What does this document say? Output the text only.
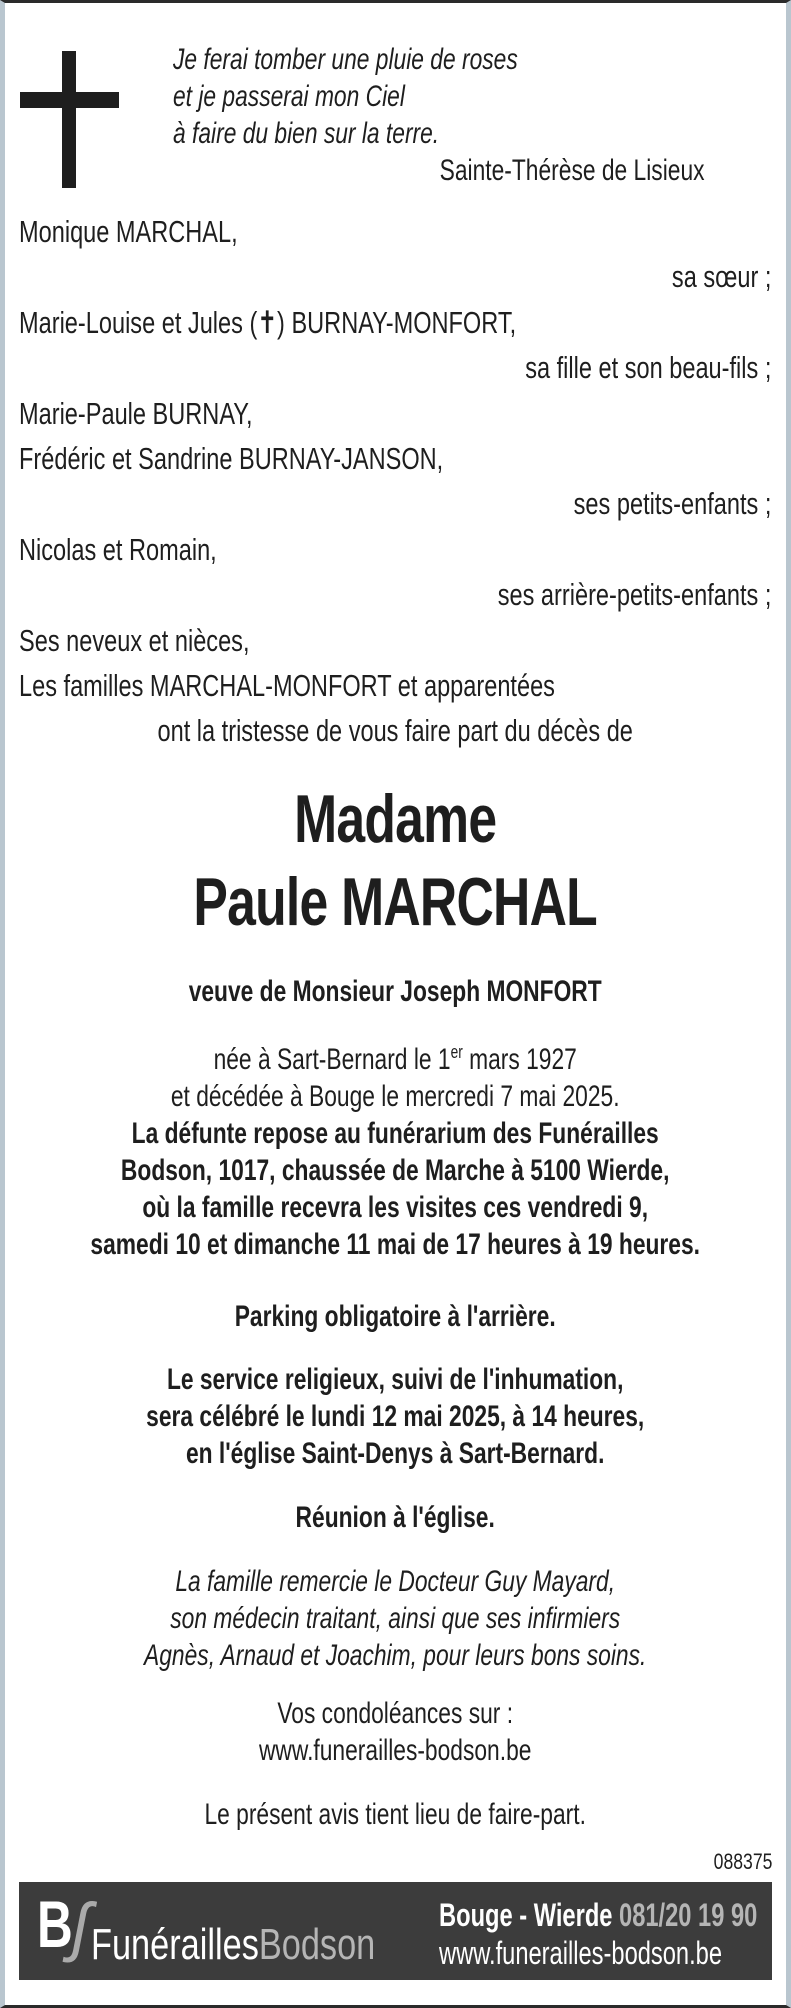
Je ferai tomber une pluie de roses
et je passerai mon Ciel
à faire du bien sur la terre.
Sainte-Thérèse de Lisieux
Monique MARCHAL,
sa sœur ;
Marie-Louise et Jules (✝) BURNAY-MONFORT,
sa fille et son beau-fils ;
Marie-Paule BURNAY,
Frédéric et Sandrine BURNAY-JANSON,
ses petits-enfants ;
Nicolas et Romain,
ses arrière-petits-enfants ;
Ses neveux et nièces,
Les familles MARCHAL-MONFORT et apparentées
ont la tristesse de vous faire part du décès de
Madame
Paule MARCHAL
veuve de Monsieur Joseph MONFORT
née à Sart-Bernard le 1er mars 1927
et décédée à Bouge le mercredi 7 mai 2025.
La défunte repose au funérarium des Funérailles
Bodson, 1017, chaussée de Marche à 5100 Wierde,
où la famille recevra les visites ces vendredi 9,
samedi 10 et dimanche 11 mai de 17 heures à 19 heures.
Parking obligatoire à l'arrière.
Le service religieux, suivi de l'inhumation,
sera célébré le lundi 12 mai 2025, à 14 heures,
en l'église Saint-Denys à Sart-Bernard.
Réunion à l'église.
La famille remercie le Docteur Guy Mayard,
son médecin traitant, ainsi que ses infirmiers
Agnès, Arnaud et Joachim, pour leurs bons soins.
Vos condoléances sur :
www.funerailles-bodson.be
Le présent avis tient lieu de faire-part.
088375
B
ʃ FunéraillesBodson
Bouge - Wierde 081/20 19 90
www.funerailles-bodson.be
